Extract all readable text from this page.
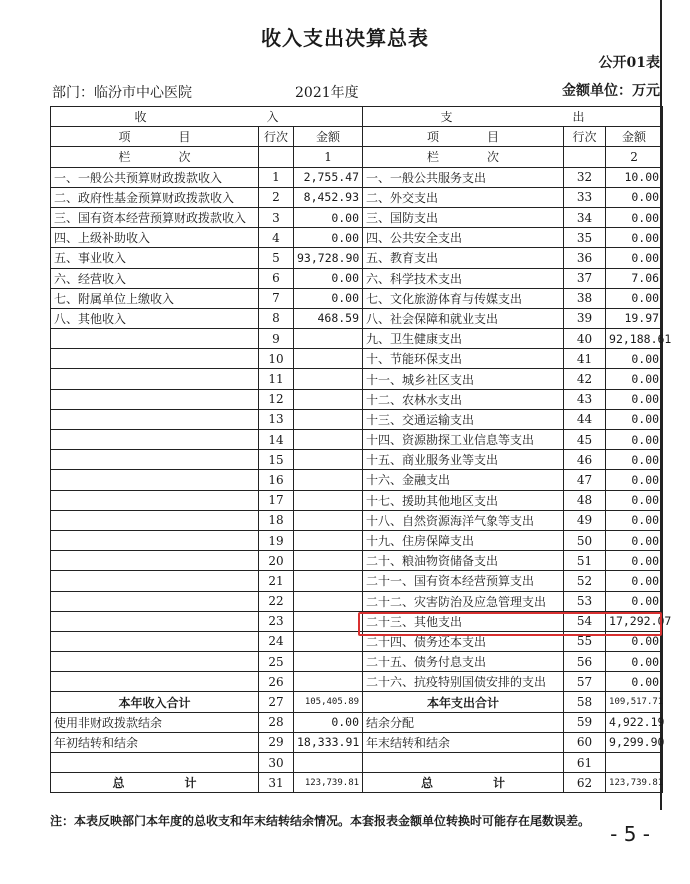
收入支出决算总表
公开01表
部门：临汾市中心医院	2021年度	金额单位：万元
收　　　　　　　　　　入			支　　　　　　　　　　出		
项　　　　目	行次	金额	项　　　　目	行次	金额
栏　　　　次		1	栏　　　　次		2
一、一般公共预算财政拨款收入	1	2,755.47	一、一般公共服务支出	32	10.00
二、政府性基金预算财政拨款收入	2	8,452.93	二、外交支出	33	0.00
三、国有资本经营预算财政拨款收入	3	0.00	三、国防支出	34	0.00
四、上级补助收入	4	0.00	四、公共安全支出	35	0.00
五、事业收入	5	93,728.90	五、教育支出	36	0.00
六、经营收入	6	0.00	六、科学技术支出	37	7.06
七、附属单位上缴收入	7	0.00	七、文化旅游体育与传媒支出	38	0.00
八、其他收入	8	468.59	八、社会保障和就业支出	39	19.97
	9		九、卫生健康支出	40	92,188.61
	10		十、节能环保支出	41	0.00
	11		十一、城乡社区支出	42	0.00
	12		十二、农林水支出	43	0.00
	13		十三、交通运输支出	44	0.00
	14		十四、资源勘探工业信息等支出	45	0.00
	15		十五、商业服务业等支出	46	0.00
	16		十六、金融支出	47	0.00
	17		十七、援助其他地区支出	48	0.00
	18		十八、自然资源海洋气象等支出	49	0.00
	19		十九、住房保障支出	50	0.00
	20		二十、粮油物资储备支出	51	0.00
	21		二十一、国有资本经营预算支出	52	0.00
	22		二十二、灾害防治及应急管理支出	53	0.00
	23		二十三、其他支出	54	17,292.07
	24		二十四、债务还本支出	55	0.00
	25		二十五、债务付息支出	56	0.00
	26		二十六、抗疫特别国债安排的支出	57	0.00
本年收入合计	27	105,405.89	本年支出合计	58	109,517.71
使用非财政拨款结余	28	0.00	结余分配	59	4,922.19
年初结转和结余	29	18,333.91	年末结转和结余	60	9,299.90
	30			61	
总　　　　　计	31	123,739.81	总　　　　　计	62	123,739.81
注：本表反映部门本年度的总收支和年末结转结余情况。本套报表金额单位转换时可能存在尾数误差。
- 5 -
